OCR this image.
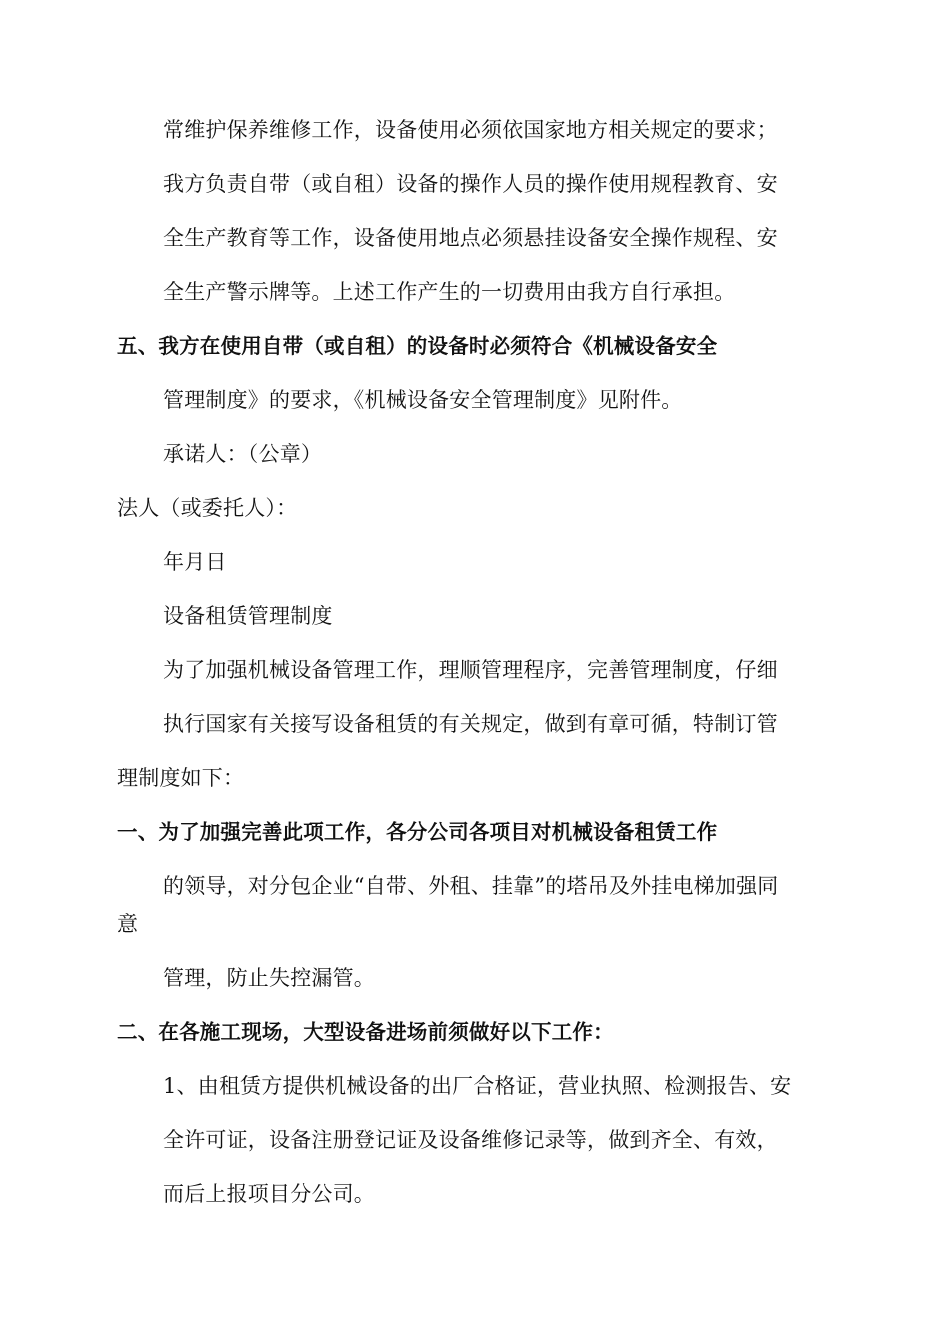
常维护保养维修工作，设备使用必须依国家地方相关规定的要求；
我方负责自带（或自租）设备的操作人员的操作使用规程教育、安
全生产教育等工作，设备使用地点必须悬挂设备安全操作规程、安
全生产警示牌等。上述工作产生的一切费用由我方自行承担。
五、我方在使用自带（或自租）的设备时必须符合《机械设备安全
管理制度》的要求，《机械设备安全管理制度》见附件。
承诺人：（公章）
法人（或委托人）：
年月日
设备租赁管理制度
为了加强机械设备管理工作，理顺管理程序，完善管理制度，仔细
执行国家有关接写设备租赁的有关规定，做到有章可循，特制订管
理制度如下：
一、为了加强完善此项工作，各分公司各项目对机械设备租赁工作
的领导，对分包企业“自带、外租、挂靠”的塔吊及外挂电梯加强同
意
管理，防止失控漏管。
二、在各施工现场，大型设备进场前须做好以下工作：
1、由租赁方提供机械设备的出厂合格证，营业执照、检测报告、安
全许可证，设备注册登记证及设备维修记录等，做到齐全、有效，
而后上报项目分公司。
